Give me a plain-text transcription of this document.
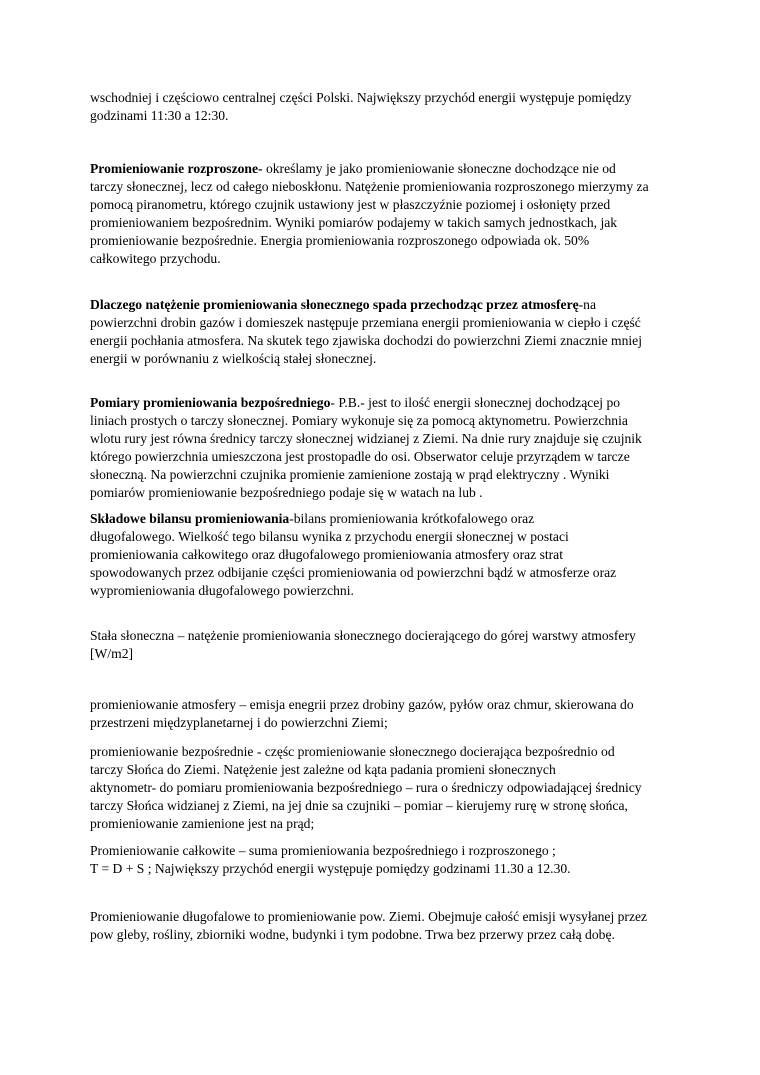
wschodniej i częściowo centralnej części Polski. Największy przychód energii występuje pomiędzy
godzinami 11:30 a 12:30.
Promieniowanie rozproszone- określamy je jako promieniowanie słoneczne dochodzące nie od
tarczy słonecznej, lecz od całego nieboskłonu. Natężenie promieniowania rozproszonego mierzymy za
pomocą piranometru, którego czujnik ustawiony jest w płaszczyźnie poziomej i osłonięty przed
promieniowaniem bezpośrednim. Wyniki pomiarów podajemy w takich samych jednostkach, jak
promieniowanie bezpośrednie. Energia promieniowania rozproszonego odpowiada ok. 50%
całkowitego przychodu.
Dlaczego natężenie promieniowania słonecznego spada przechodząc przez atmosferę-na
powierzchni drobin gazów i domieszek następuje przemiana energii promieniowania w ciepło i część
energii pochłania atmosfera. Na skutek tego zjawiska dochodzi do powierzchni Ziemi znacznie mniej
energii w porównaniu z wielkością stałej słonecznej.
Pomiary promieniowania bezpośredniego- P.B.- jest to ilość energii słonecznej dochodzącej po
liniach prostych o tarczy słonecznej. Pomiary wykonuje się za pomocą aktynometru. Powierzchnia
wlotu rury jest równa średnicy tarczy słonecznej widzianej z Ziemi. Na dnie rury znajduje się czujnik
którego powierzchnia umieszczona jest prostopadle do osi. Obserwator celuje przyrządem w tarcze
słoneczną. Na powierzchni czujnika promienie zamienione zostają w prąd elektryczny . Wyniki
pomiarów promieniowanie bezpośredniego podaje się w watach na lub .
Składowe bilansu promieniowania-bilans promieniowania krótkofalowego oraz
długofalowego. Wielkość tego bilansu wynika z przychodu energii słonecznej w postaci
promieniowania całkowitego oraz długofalowego promieniowania atmosfery oraz strat
spowodowanych przez odbijanie części promieniowania od powierzchni bądź w atmosferze oraz
wypromieniowania długofalowego powierzchni.
Stała słoneczna – natężenie promieniowania słonecznego docierającego do górej warstwy atmosfery
[W/m2]
promieniowanie atmosfery – emisja enegrii przez drobiny gazów, pyłów oraz chmur, skierowana do
przestrzeni międzyplanetarnej i do powierzchni Ziemi;
promieniowanie bezpośrednie - częśc promieniowanie słonecznego docierająca bezpośrednio od
tarczy Słońca do Ziemi. Natężenie jest zależne od kąta padania promieni słonecznych
aktynometr- do pomiaru promieniowania bezpośredniego – rura o średniczy odpowiadającej średnicy
tarczy Słońca widzianej z Ziemi, na jej dnie sa czujniki – pomiar – kierujemy rurę w stronę słońca,
promieniowanie zamienione jest na prąd;
Promieniowanie całkowite – suma promieniowania bezpośredniego i rozproszonego ;
T = D + S ; Największy przychód energii występuje pomiędzy godzinami 11.30 a 12.30.
Promieniowanie długofalowe to promieniowanie pow. Ziemi. Obejmuje całość emisji wysyłanej przez
pow gleby, rośliny, zbiorniki wodne, budynki i tym podobne. Trwa bez przerwy przez całą dobę.
